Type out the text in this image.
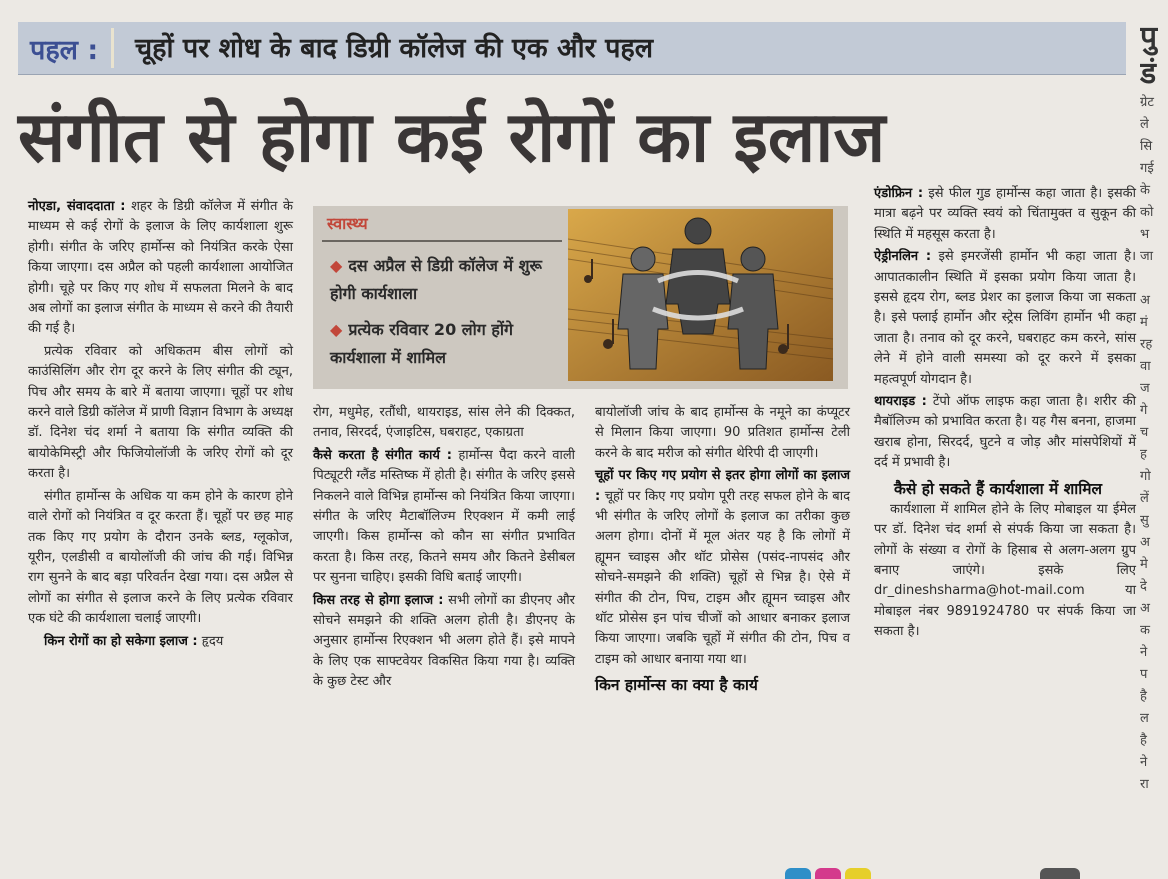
पहल : चूहों पर शोध के बाद डिग्री कॉलेज की एक और पहल
संगीत से होगा कई रोगों का इलाज

नोएडा, संवाददाता : शहर के डिग्री कॉलेज में संगीत के माध्यम से कई रोगों के इलाज के लिए कार्यशाला शुरू होगी। संगीत के जरिए हार्मोन्स को नियंत्रित करके ऐसा किया जाएगा। दस अप्रैल को पहली कार्यशाला आयोजित होगी। चूहे पर किए गए शोध में सफलता मिलने के बाद अब लोगों का इलाज संगीत के माध्यम से करने की तैयारी की गई है।

प्रत्येक रविवार को अधिकतम बीस लोगों को काउंसिलिंग और रोग दूर करने के लिए संगीत की ट्यून, पिच और समय के बारे में बताया जाएगा। चूहों पर शोध करने वाले डिग्री कॉलेज में प्राणी विज्ञान विभाग के अध्यक्ष डॉ. दिनेश चंद शर्मा ने बताया कि संगीत व्यक्ति की बायोकेमिस्ट्री और फिजियोलॉजी के जरिए रोगों को दूर करता है।

संगीत हार्मोन्स के अधिक या कम होने के कारण होने वाले रोगों को नियंत्रित व दूर करता हैं। चूहों पर छह माह तक किए गए प्रयोग के दौरान उनके ब्लड, ग्लूकोज, यूरीन, एलडीसी व बायोलॉजी की जांच की गई। विभिन्न राग सुनने के बाद बड़ा परिवर्तन देखा गया। दस अप्रैल से लोगों का संगीत से इलाज करने के लिए प्रत्येक रविवार एक घंटे की कार्यशाला चलाई जाएगी।

किन रोगों का हो सकेगा इलाज : हृदय

स्वास्थ्य
◆ दस अप्रैल से डिग्री कॉलेज में शुरू होगी कार्यशाला
◆ प्रत्येक रविवार 20 लोग होंगे कार्यशाला में शामिल

रोग, मधुमेह, रतौंधी, थायराइड, सांस लेने की दिक्कत, तनाव, सिरदर्द, एंजाइटिस, घबराहट, एकाग्रता

कैसे करता है संगीत कार्य : हार्मोन्स पैदा करने वाली पिट्यूटरी ग्लैंड मस्तिष्क में होती है। संगीत के जरिए इससे निकलने वाले विभिन्न हार्मोन्स को नियंत्रित किया जाएगा। संगीत के जरिए मैटाबॉलिज्म रिएक्शन में कमी लाई जाएगी। किस हार्मोन्स को कौन सा संगीत प्रभावित करता है। किस तरह, कितने समय और कितने डेसीबल पर सुनना चाहिए। इसकी विधि बताई जाएगी।

किस तरह से होगा इलाज : सभी लोगों का डीएनए और सोचने समझने की शक्ति अलग होती है। डीएनए के अनुसार हार्मोन्स रिएक्शन भी अलग होते हैं। इसे मापने के लिए एक साफ्टवेयर विकसित किया गया है। व्यक्ति के कुछ टेस्ट और

बायोलॉजी जांच के बाद हार्मोन्स के नमूने का कंप्यूटर से मिलान किया जाएगा। 90 प्रतिशत हार्मोन्स टेली करने के बाद मरीज को संगीत थेरिपी दी जाएगी।

चूहों पर किए गए प्रयोग से इतर होगा लोगों का इलाज : चूहों पर किए गए प्रयोग पूरी तरह सफल होने के बाद भी संगीत के जरिए लोगों के इलाज का तरीका कुछ अलग होगा। दोनों में मूल अंतर यह है कि लोगों में ह्यूमन च्वाइस और थॉट प्रोसेस (पसंद-नापसंद और सोचने-समझने की शक्ति) चूहों से भिन्न है। ऐसे में संगीत की टोन, पिच, टाइम और ह्यूमन च्वाइस और थॉट प्रोसेस इन पांच चीजों को आधार बनाकर इलाज किया जाएगा। जबकि चूहों में संगीत की टोन, पिच व टाइम को आधार बनाया गया था।

किन हार्मोन्स का क्या है कार्य

एंडोफ्रिन : इसे फील गुड हार्मोन्स कहा जाता है। इसकी मात्रा बढ़ने पर व्यक्ति स्वयं को चिंतामुक्त व सुकून की स्थिति में महसूस करता है।

ऐड्रीनलिन : इसे इमरजेंसी हार्मोन भी कहा जाता है। आपातकालीन स्थिति में इसका प्रयोग किया जाता है। इससे हृदय रोग, ब्लड प्रेशर का इलाज किया जा सकता है। इसे फ्लाई हार्मोन और स्ट्रेस लिविंग हार्मोन भी कहा जाता है। तनाव को दूर करने, घबराहट कम करने, सांस लेने में होने वाली समस्या को दूर करने में इसका महत्वपूर्ण योगदान है।

थायराइड : टेंपो ऑफ लाइफ कहा जाता है। शरीर की मैबॉलिज्म को प्रभावित करता है। यह गैस बनना, हाजमा खराब होना, सिरदर्द, घुटने व जोड़ और मांसपेशियों में दर्द में प्रभावी है।

कैसे हो सकते हैं कार्यशाला में शामिल

कार्यशाला में शामिल होने के लिए मोबाइल या ईमेल पर डॉ. दिनेश चंद शर्मा से संपर्क किया जा सकता है। लोगों के संख्या व रोगों के हिसाब से अलग-अलग ग्रुप बनाए जाएंगे। इसके लिए dr_dineshsharma@hot-mail.com या मोबाइल नंबर 9891924780 पर संपर्क किया जा सकता है।

पु
डं
ग्रेट
ले
सि
गई
के
को
भ
जा

अ
मं
रह
वा
ज
गे
च
ह
गो
लें
सु
अ
मे
दे
अ
क
ने
प
है
ल
है
ने
रा
